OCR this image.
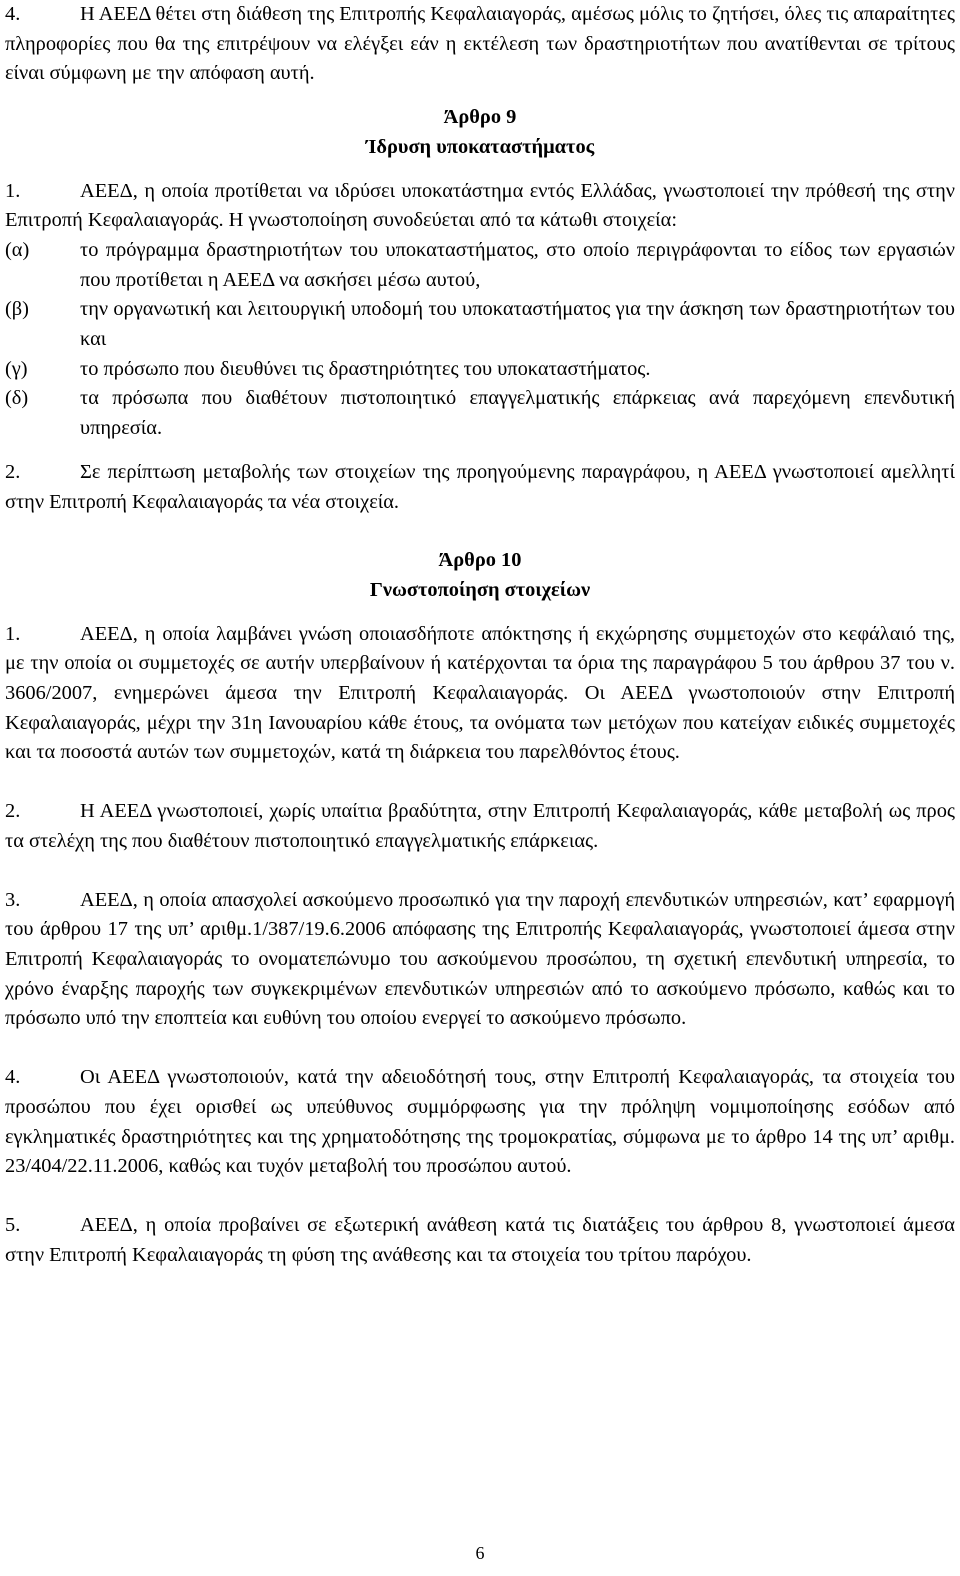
4.	Η ΑΕΕΔ θέτει στη διάθεση της Επιτροπής Κεφαλαιαγοράς, αμέσως μόλις το ζητήσει, όλες τις απαραίτητες πληροφορίες που θα της επιτρέψουν να ελέγξει εάν η εκτέλεση των δραστηριοτήτων που ανατίθενται σε τρίτους είναι σύμφωνη με την απόφαση αυτή.

Άρθρο 9

Ίδρυση υποκαταστήματος

1.	ΑΕΕΔ, η οποία προτίθεται να ιδρύσει υποκατάστημα εντός Ελλάδας, γνωστοποιεί την πρόθεσή της στην Επιτροπή Κεφαλαιαγοράς. Η γνωστοποίηση συνοδεύεται από τα κάτωθι στοιχεία:

(α)	το πρόγραμμα δραστηριοτήτων του υποκαταστήματος, στο οποίο περιγράφονται το είδος των εργασιών που προτίθεται η ΑΕΕΔ να ασκήσει μέσω αυτού,
(β)	την οργανωτική και λειτουργική υποδομή του υποκαταστήματος για την άσκηση των δραστηριοτήτων του και
(γ)	το πρόσωπο που διευθύνει τις δραστηριότητες του υποκαταστήματος.
(δ)	τα πρόσωπα που διαθέτουν πιστοποιητικό επαγγελματικής επάρκειας ανά παρεχόμενη επενδυτική υπηρεσία.

2.	Σε περίπτωση μεταβολής των στοιχείων της προηγούμενης παραγράφου, η ΑΕΕΔ γνωστοποιεί αμελλητί στην Επιτροπή Κεφαλαιαγοράς τα νέα στοιχεία.

Άρθρο 10

Γνωστοποίηση στοιχείων

1.	ΑΕΕΔ, η οποία λαμβάνει γνώση οποιασδήποτε απόκτησης ή εκχώρησης συμμετοχών στο κεφάλαιό της, με την οποία οι συμμετοχές σε αυτήν υπερβαίνουν ή κατέρχονται τα όρια της παραγράφου 5 του άρθρου 37 του ν. 3606/2007, ενημερώνει άμεσα την Επιτροπή Κεφαλαιαγοράς. Οι ΑΕΕΔ γνωστοποιούν στην Επιτροπή Κεφαλαιαγοράς, μέχρι την 31η Ιανουαρίου κάθε έτους, τα ονόματα των μετόχων που κατείχαν ειδικές συμμετοχές και τα ποσοστά αυτών των συμμετοχών, κατά τη διάρκεια του παρελθόντος έτους.

2.	Η ΑΕΕΔ γνωστοποιεί, χωρίς υπαίτια βραδύτητα, στην Επιτροπή Κεφαλαιαγοράς, κάθε μεταβολή ως προς τα στελέχη της που διαθέτουν πιστοποιητικό επαγγελματικής επάρκειας.

3.	ΑΕΕΔ, η οποία απασχολεί ασκούμενο προσωπικό για την παροχή επενδυτικών υπηρεσιών, κατ’ εφαρμογή του άρθρου 17 της υπ’ αριθμ.1/387/19.6.2006 απόφασης της Επιτροπής Κεφαλαιαγοράς, γνωστοποιεί άμεσα στην Επιτροπή Κεφαλαιαγοράς το ονοματεπώνυμο του ασκούμενου προσώπου, τη σχετική επενδυτική υπηρεσία, το χρόνο έναρξης παροχής των συγκεκριμένων επενδυτικών υπηρεσιών από το ασκούμενο πρόσωπο, καθώς και το πρόσωπο υπό την εποπτεία και ευθύνη του οποίου ενεργεί το ασκούμενο πρόσωπο.

4.	Οι ΑΕΕΔ γνωστοποιούν, κατά την αδειοδότησή τους, στην Επιτροπή Κεφαλαιαγοράς, τα στοιχεία του προσώπου που έχει ορισθεί ως υπεύθυνος συμμόρφωσης για την πρόληψη νομιμοποίησης εσόδων από εγκληματικές δραστηριότητες και της χρηματοδότησης της τρομοκρατίας, σύμφωνα με το άρθρο 14 της υπ’ αριθμ. 23/404/22.11.2006, καθώς και τυχόν μεταβολή του προσώπου αυτού.

5.	ΑΕΕΔ, η οποία προβαίνει σε εξωτερική ανάθεση κατά τις διατάξεις του άρθρου 8, γνωστοποιεί άμεσα στην Επιτροπή Κεφαλαιαγοράς τη φύση της ανάθεσης και τα στοιχεία του τρίτου παρόχου.

6
